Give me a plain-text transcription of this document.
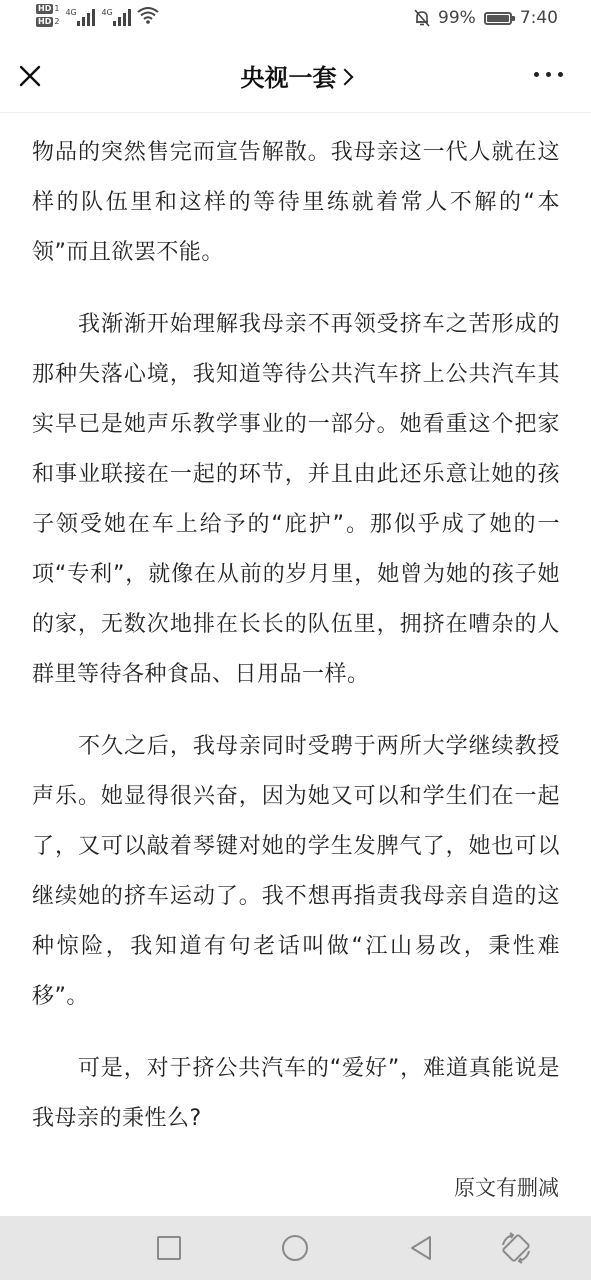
HD 1
HD 2
4G	4G	99%	7:40
央视一套

物品的突然售完而宣告解散。我母亲这一代人就在这样的队伍里和这样的等待里练就着常人不解的“本领”而且欲罢不能。

我渐渐开始理解我母亲不再领受挤车之苦形成的那种失落心境，我知道等待公共汽车挤上公共汽车其实早已是她声乐教学事业的一部分。她看重这个把家和事业联接在一起的环节，并且由此还乐意让她的孩子领受她在车上给予的“庇护”。那似乎成了她的一项“专利”，就像在从前的岁月里，她曾为她的孩子她的家，无数次地排在长长的队伍里，拥挤在嘈杂的人群里等待各种食品、日用品一样。

不久之后，我母亲同时受聘于两所大学继续教授声乐。她显得很兴奋，因为她又可以和学生们在一起了，又可以敲着琴键对她的学生发脾气了，她也可以继续她的挤车运动了。我不想再指责我母亲自造的这种惊险，我知道有句老话叫做“江山易改，秉性难移”。

可是，对于挤公共汽车的“爱好”，难道真能说是我母亲的秉性么?

原文有删减
